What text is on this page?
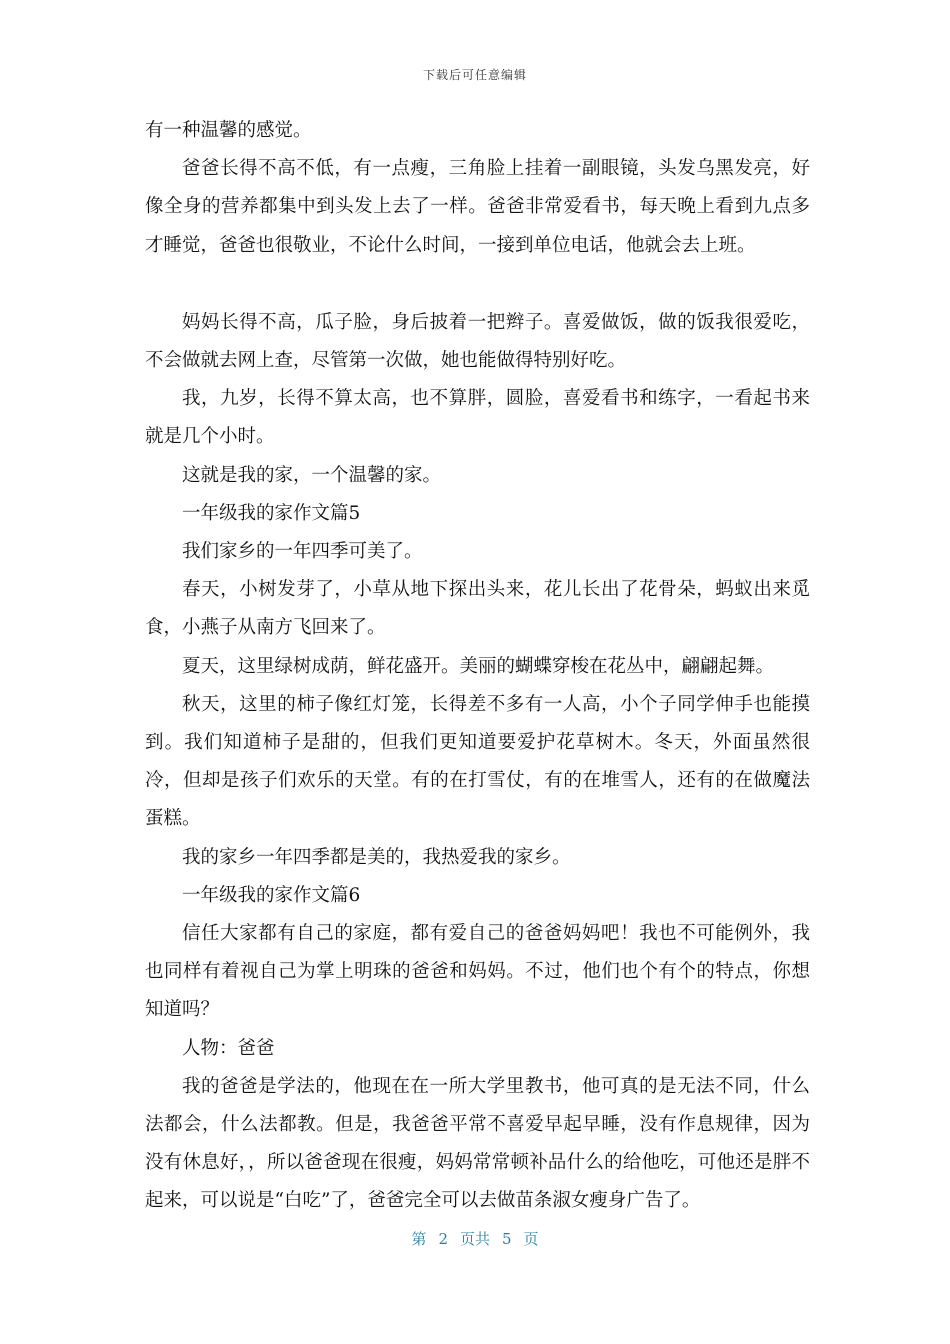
下载后可任意编辑

有一种温馨的感觉。

爸爸长得不高不低，有一点瘦，三角脸上挂着一副眼镜，头发乌黑发亮，好像全身的营养都集中到头发上去了一样。爸爸非常爱看书，每天晚上看到九点多才睡觉，爸爸也很敬业，不论什么时间，一接到单位电话，他就会去上班。

妈妈长得不高，瓜子脸，身后披着一把辫子。喜爱做饭，做的饭我很爱吃，不会做就去网上查，尽管第一次做，她也能做得特别好吃。

我，九岁，长得不算太高，也不算胖，圆脸，喜爱看书和练字，一看起书来就是几个小时。

这就是我的家，一个温馨的家。

一年级我的家作文篇5

我们家乡的一年四季可美了。

春天，小树发芽了，小草从地下探出头来，花儿长出了花骨朵，蚂蚁出来觅食，小燕子从南方飞回来了。

夏天，这里绿树成荫，鲜花盛开。美丽的蝴蝶穿梭在花丛中，翩翩起舞。

秋天，这里的柿子像红灯笼，长得差不多有一人高，小个子同学伸手也能摸到。我们知道柿子是甜的，但我们更知道要爱护花草树木。冬天，外面虽然很冷，但却是孩子们欢乐的天堂。有的在打雪仗，有的在堆雪人，还有的在做魔法蛋糕。

我的家乡一年四季都是美的，我热爱我的家乡。

一年级我的家作文篇6

信任大家都有自己的家庭，都有爱自己的爸爸妈妈吧！我也不可能例外，我也同样有着视自己为掌上明珠的爸爸和妈妈。不过，他们也个有个的特点，你想知道吗？

人物：爸爸

我的爸爸是学法的，他现在在一所大学里教书，他可真的是无法不同，什么法都会，什么法都教。但是，我爸爸平常不喜爱早起早睡，没有作息规律，因为没有休息好，，所以爸爸现在很瘦，妈妈常常顿补品什么的给他吃，可他还是胖不起来，可以说是“白吃”了，爸爸完全可以去做苗条淑女瘦身广告了。

第 2 页共 5 页
